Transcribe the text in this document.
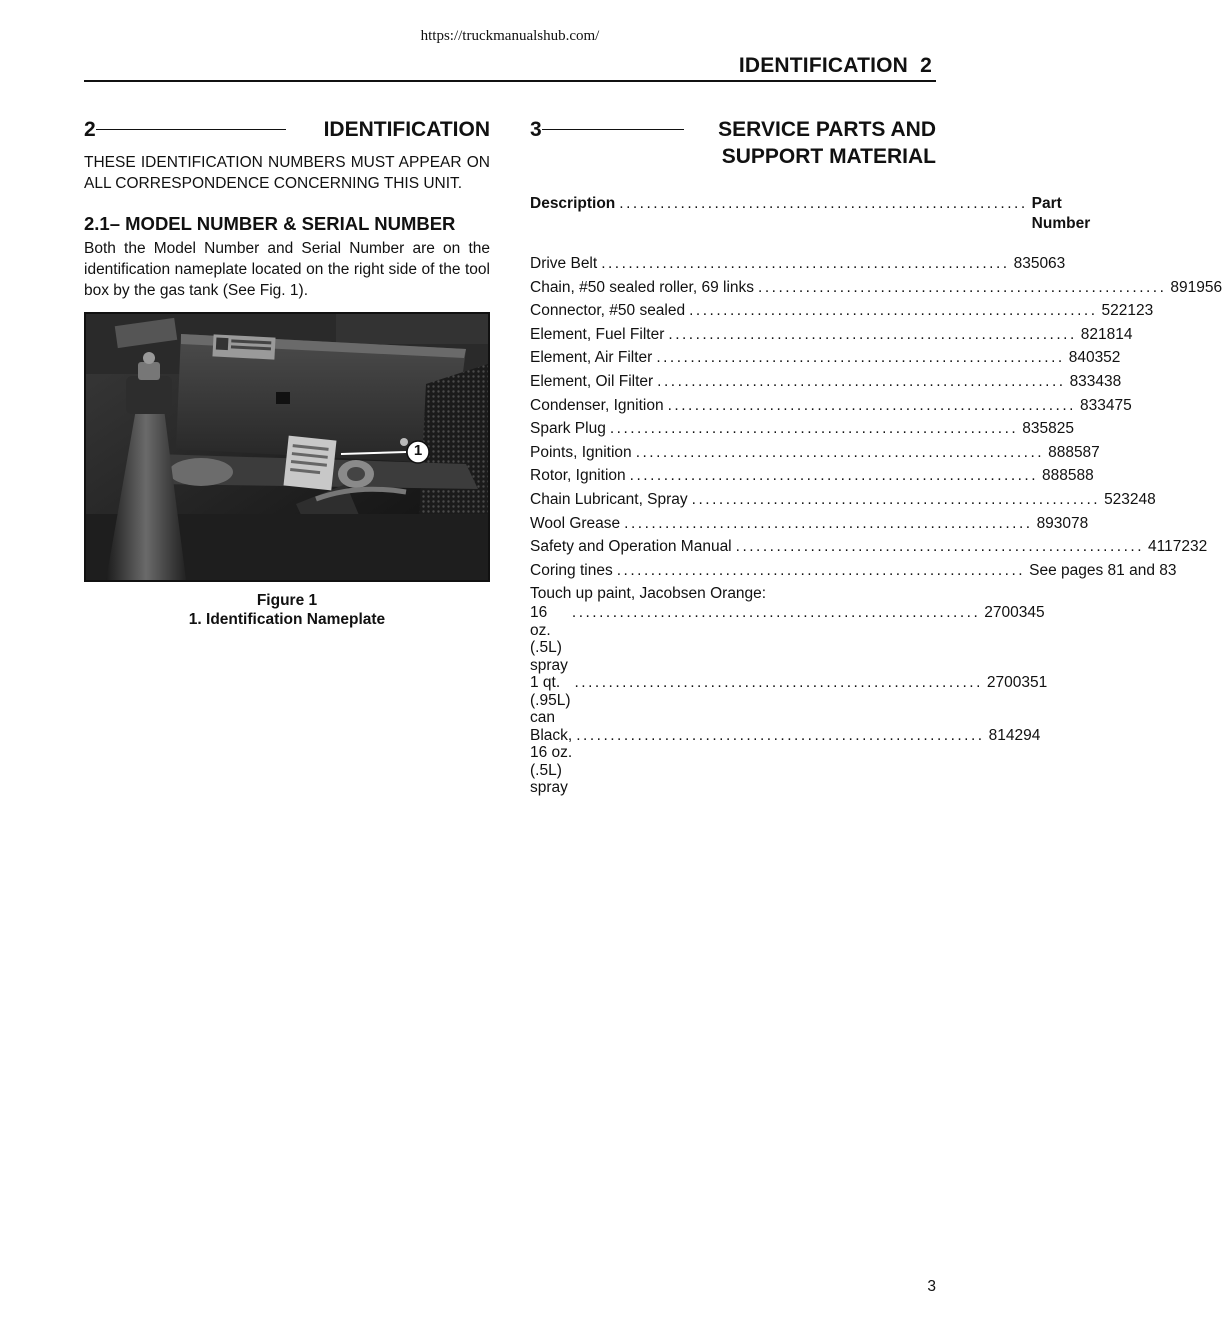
https://truckmanualshub.com/
IDENTIFICATION  2
2	IDENTIFICATION
THESE IDENTIFICATION NUMBERS MUST APPEAR ON ALL CORRESPONDENCE CONCERNING THIS UNIT.
2.1– MODEL NUMBER & SERIAL NUMBER
Both the Model Number and Serial Number are on the identification nameplate located on the right side of the tool box by the gas tank (See Fig. 1).
1
Figure 1
1. Identification Nameplate
3	SERVICE PARTS AND
SUPPORT MATERIAL
Description ............................................................ Part Number
Drive Belt ............................................................ 835063
Chain, #50 sealed roller, 69 links ............................................................ 891956
Connector, #50 sealed ............................................................ 522123
Element, Fuel Filter ............................................................ 821814
Element, Air Filter ............................................................ 840352
Element, Oil Filter ............................................................ 833438
Condenser, Ignition ............................................................ 833475
Spark Plug ............................................................ 835825
Points, Ignition ............................................................ 888587
Rotor, Ignition ............................................................ 888588
Chain Lubricant, Spray ............................................................ 523248
Wool Grease ............................................................ 893078
Safety and Operation Manual ............................................................ 4117232
Coring tines ............................................................ See pages 81 and 83
Touch up paint, Jacobsen Orange:
16 oz. (.5L) spray
............................................................ 2700345
1 qt. (.95L) can
............................................................ 2700351
Black, 16 oz. (.5L) spray
............................................................ 814294
3
